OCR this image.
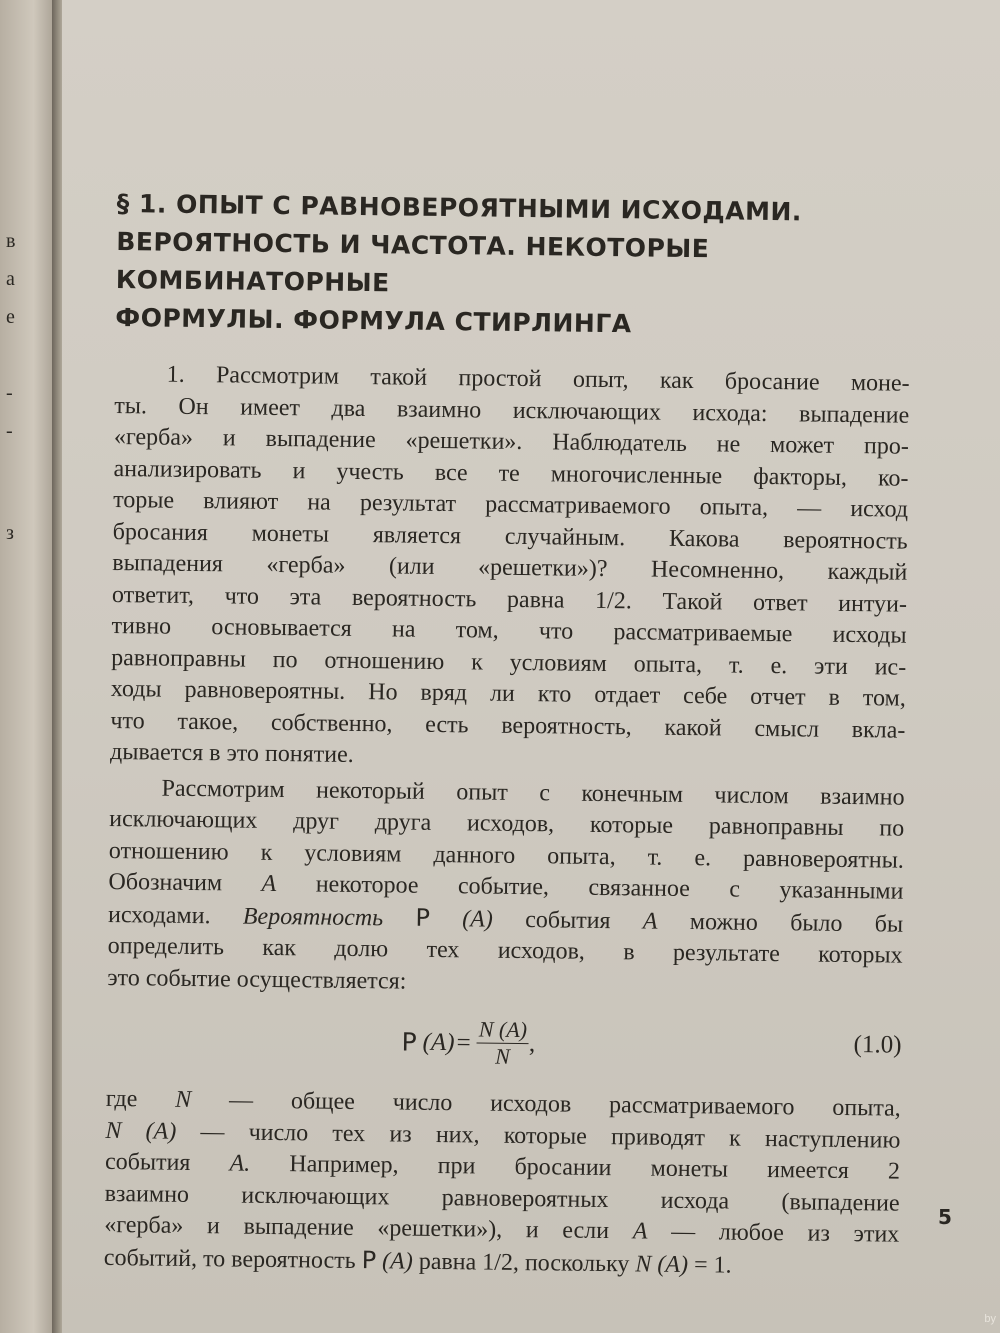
в
а
е
-
-
з
§ 1. ОПЫТ С РАВНОВЕРОЯТНЫМИ ИСХОДАМИ.
ВЕРОЯТНОСТЬ И ЧАСТОТА. НЕКОТОРЫЕ КОМБИНАТОРНЫЕ
ФОРМУЛЫ. ФОРМУЛА СТИРЛИНГА

1. Рассмотрим такой простой опыт, как бросание моне-
ты. Он имеет два взаимно исключающих исхода: выпадение
«герба» и выпадение «решетки». Наблюдатель не может про-
анализировать и учесть все те многочисленные факторы, ко-
торые влияют на результат рассматриваемого опыта, — исход
бросания монеты является случайным. Какова вероятность
выпадения «герба» (или «решетки»)? Несомненно, каждый
ответит, что эта вероятность равна 1/2. Такой ответ интуи-
тивно основывается на том, что рассматриваемые исходы
равноправны по отношению к условиям опыта, т. е. эти ис-
ходы равновероятны. Но вряд ли кто отдает себе отчет в том,
что такое, собственно, есть вероятность, какой смысл вкла-
дывается в это понятие.

Рассмотрим некоторый опыт с конечным числом взаимно
исключающих друг друга исходов, которые равноправны по
отношению к условиям данного опыта, т. е. равновероятны.
Обозначим A некоторое событие, связанное с указанными
исходами. Вероятность P (A) события A можно было бы
определить как долю тех исходов, в результате которых
это событие осуществляется:

P $(A) = \frac{N (A)}{N}$ ,	(1.0)

где N — общее число исходов рассматриваемого опыта,
N (A) — число тех из них, которые приводят к наступлению
события A. Например, при бросании монеты имеется 2
взаимно исключающих равновероятных исхода (выпадение
«герба» и выпадение «решетки»), и если A — любое из этих
событий, то вероятность P (A) равна 1/2, поскольку N (A) = 1.

5
by
